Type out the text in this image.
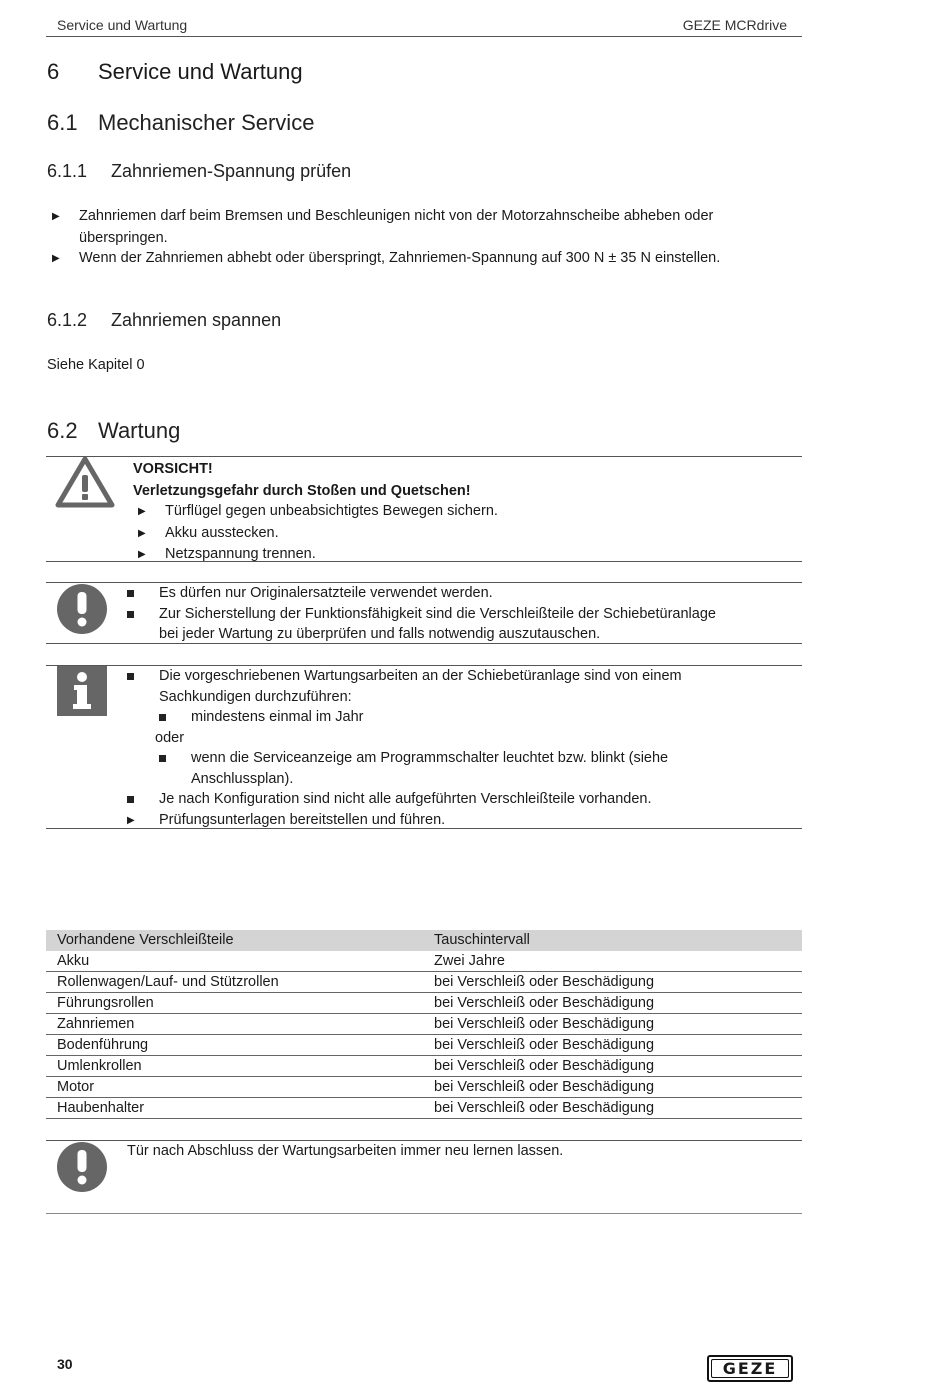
Service und Wartung	GEZE MCRdrive
6 Service und Wartung
6.1 Mechanischer Service
6.1.1 Zahnriemen-Spannung prüfen
▶ Zahnriemen darf beim Bremsen und Beschleunigen nicht von der Motorzahnscheibe abheben oder
überspringen.
▶ Wenn der Zahnriemen abhebt oder überspringt, Zahnriemen-Spannung auf 300 N ± 35 N einstellen.
6.1.2 Zahnriemen spannen
Siehe Kapitel 0
6.2 Wartung
VORSICHT!
Verletzungsgefahr durch Stoßen und Quetschen!
▶ Türflügel gegen unbeabsichtigtes Bewegen sichern.
▶ Akku ausstecken.
▶ Netzspannung trennen.
Es dürfen nur Originalersatzteile verwendet werden.
Zur Sicherstellung der Funktionsfähigkeit sind die Verschleißteile der Schiebetüranlage
bei jeder Wartung zu überprüfen und falls notwendig auszutauschen.
Die vorgeschriebenen Wartungsarbeiten an der Schiebetüranlage sind von einem
Sachkundigen durchzuführen:
mindestens einmal im Jahr
oder
wenn die Serviceanzeige am Programmschalter leuchtet bzw. blinkt (siehe
Anschlussplan).
Je nach Konfiguration sind nicht alle aufgeführten Verschleißteile vorhanden.
▶ Prüfungsunterlagen bereitstellen und führen.
Vorhandene Verschleißteile	Tauschintervall
Akku	Zwei Jahre
Rollenwagen/Lauf- und Stützrollen	bei Verschleiß oder Beschädigung
Führungsrollen	bei Verschleiß oder Beschädigung
Zahnriemen	bei Verschleiß oder Beschädigung
Bodenführung	bei Verschleiß oder Beschädigung
Umlenkrollen	bei Verschleiß oder Beschädigung
Motor	bei Verschleiß oder Beschädigung
Haubenhalter	bei Verschleiß oder Beschädigung
Tür nach Abschluss der Wartungsarbeiten immer neu lernen lassen.
30	GEZE
